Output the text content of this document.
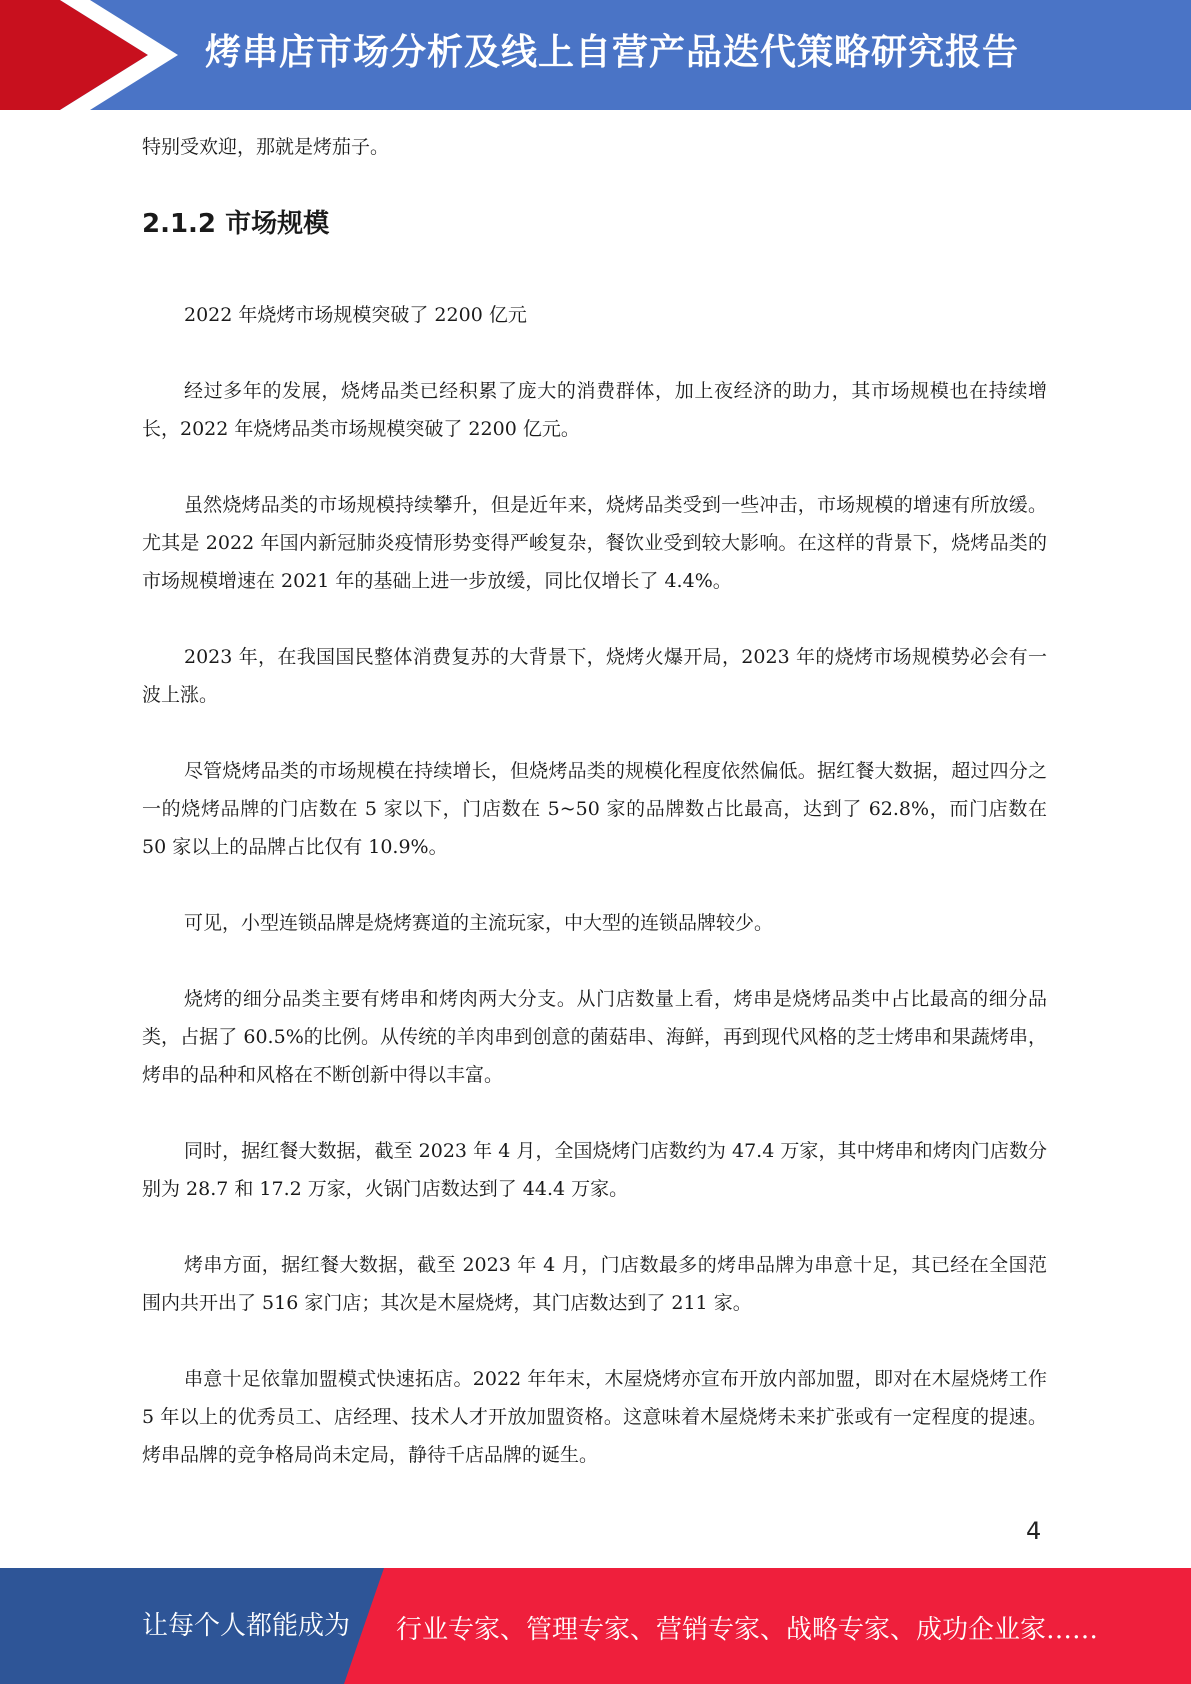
烤串店市场分析及线上自营产品迭代策略研究报告

特别受欢迎，那就是烤茄子。

2.1.2 市场规模

2022 年烧烤市场规模突破了 2200 亿元

经过多年的发展，烧烤品类已经积累了庞大的消费群体，加上夜经济的助力，其市场规模也在持续增长，2022 年烧烤品类市场规模突破了 2200 亿元。

虽然烧烤品类的市场规模持续攀升，但是近年来，烧烤品类受到一些冲击，市场规模的增速有所放缓。尤其是 2022 年国内新冠肺炎疫情形势变得严峻复杂，餐饮业受到较大影响。在这样的背景下，烧烤品类的市场规模增速在 2021 年的基础上进一步放缓，同比仅增长了 4.4%。

2023 年，在我国国民整体消费复苏的大背景下，烧烤火爆开局，2023 年的烧烤市场规模势必会有一波上涨。

尽管烧烤品类的市场规模在持续增长，但烧烤品类的规模化程度依然偏低。据红餐大数据，超过四分之一的烧烤品牌的门店数在 5 家以下，门店数在 5~50 家的品牌数占比最高，达到了 62.8%，而门店数在 50 家以上的品牌占比仅有 10.9%。

可见，小型连锁品牌是烧烤赛道的主流玩家，中大型的连锁品牌较少。

烧烤的细分品类主要有烤串和烤肉两大分支。从门店数量上看，烤串是烧烤品类中占比最高的细分品类，占据了 60.5%的比例。从传统的羊肉串到创意的菌菇串、海鲜，再到现代风格的芝士烤串和果蔬烤串，烤串的品种和风格在不断创新中得以丰富。

同时，据红餐大数据，截至 2023 年 4 月，全国烧烤门店数约为 47.4 万家，其中烤串和烤肉门店数分别为 28.7 和 17.2 万家，火锅门店数达到了 44.4 万家。

烤串方面，据红餐大数据，截至 2023 年 4 月，门店数最多的烤串品牌为串意十足，其已经在全国范围内共开出了 516 家门店；其次是木屋烧烤，其门店数达到了 211 家。

串意十足依靠加盟模式快速拓店。2022 年年末，木屋烧烤亦宣布开放内部加盟，即对在木屋烧烤工作 5 年以上的优秀员工、店经理、技术人才开放加盟资格。这意味着木屋烧烤未来扩张或有一定程度的提速。烤串品牌的竞争格局尚未定局，静待千店品牌的诞生。

4
让每个人都能成为 行业专家、管理专家、营销专家、战略专家、成功企业家……
